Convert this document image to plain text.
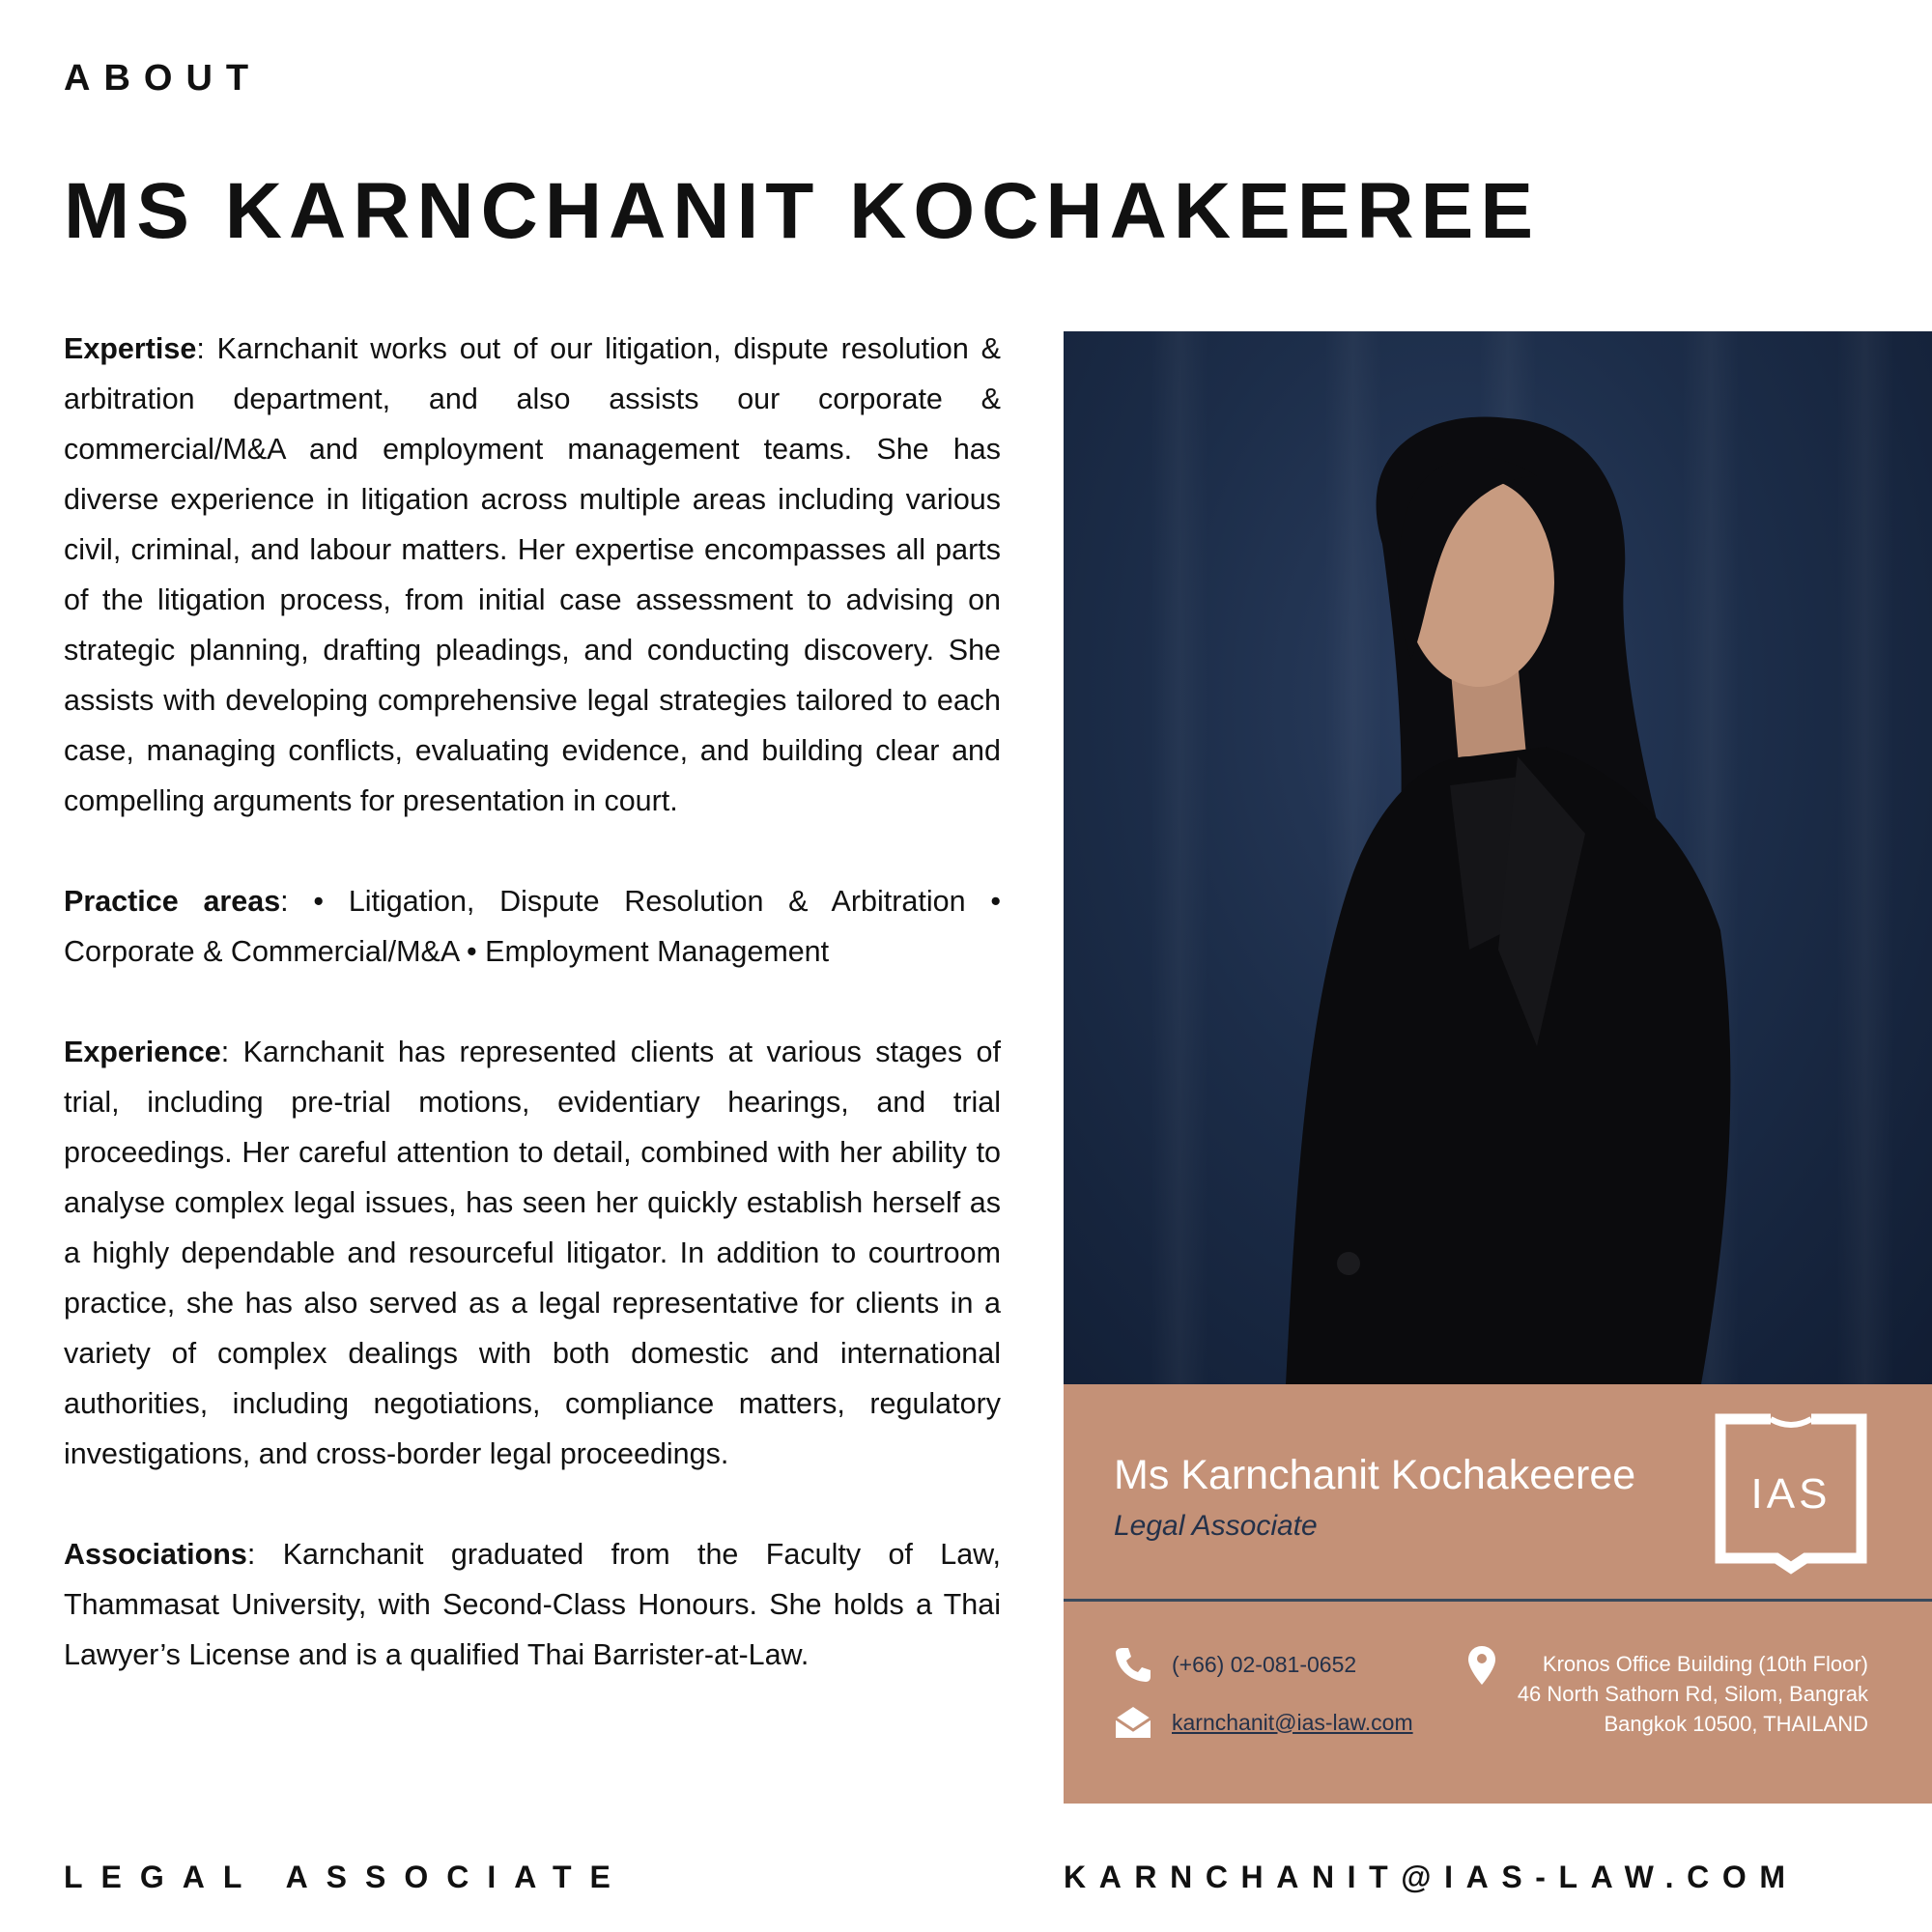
ABOUT
MS KARNCHANIT KOCHAKEEREE

Expertise: Karnchanit works out of our litigation, dispute resolution & arbitration department, and also assists our corporate & commercial/M&A and employment management teams. She has diverse experience in litigation across multiple areas including various civil, criminal, and labour matters. Her expertise encompasses all parts of the litigation process, from initial case assessment to advising on strategic planning, drafting pleadings, and conducting discovery. She assists with developing comprehensive legal strategies tailored to each case, managing conflicts, evaluating evidence, and building clear and compelling arguments for presentation in court.

Practice areas: • Litigation, Dispute Resolution & Arbitration • Corporate & Commercial/M&A • Employment Management

Experience: Karnchanit has represented clients at various stages of trial, including pre-trial motions, evidentiary hearings, and trial proceedings. Her careful attention to detail, combined with her ability to analyse complex legal issues, has seen her quickly establish herself as a highly dependable and resourceful litigator. In addition to courtroom practice, she has also served as a legal representative for clients in a variety of complex dealings with both domestic and international authorities, including negotiations, compliance matters, regulatory investigations, and cross-border legal proceedings.

Associations: Karnchanit graduated from the Faculty of Law, Thammasat University, with Second-Class Honours. She holds a Thai Lawyer’s License and is a qualified Thai Barrister-at-Law.

Ms Karnchanit Kochakeeree
Legal Associate
IAS
(+66) 02-081-0652
karnchanit@ias-law.com
Kronos Office Building (10th Floor)
46 North Sathorn Rd, Silom, Bangrak
Bangkok 10500, THAILAND
LEGAL ASSOCIATE	KARNCHANIT@IAS-LAW.COM
